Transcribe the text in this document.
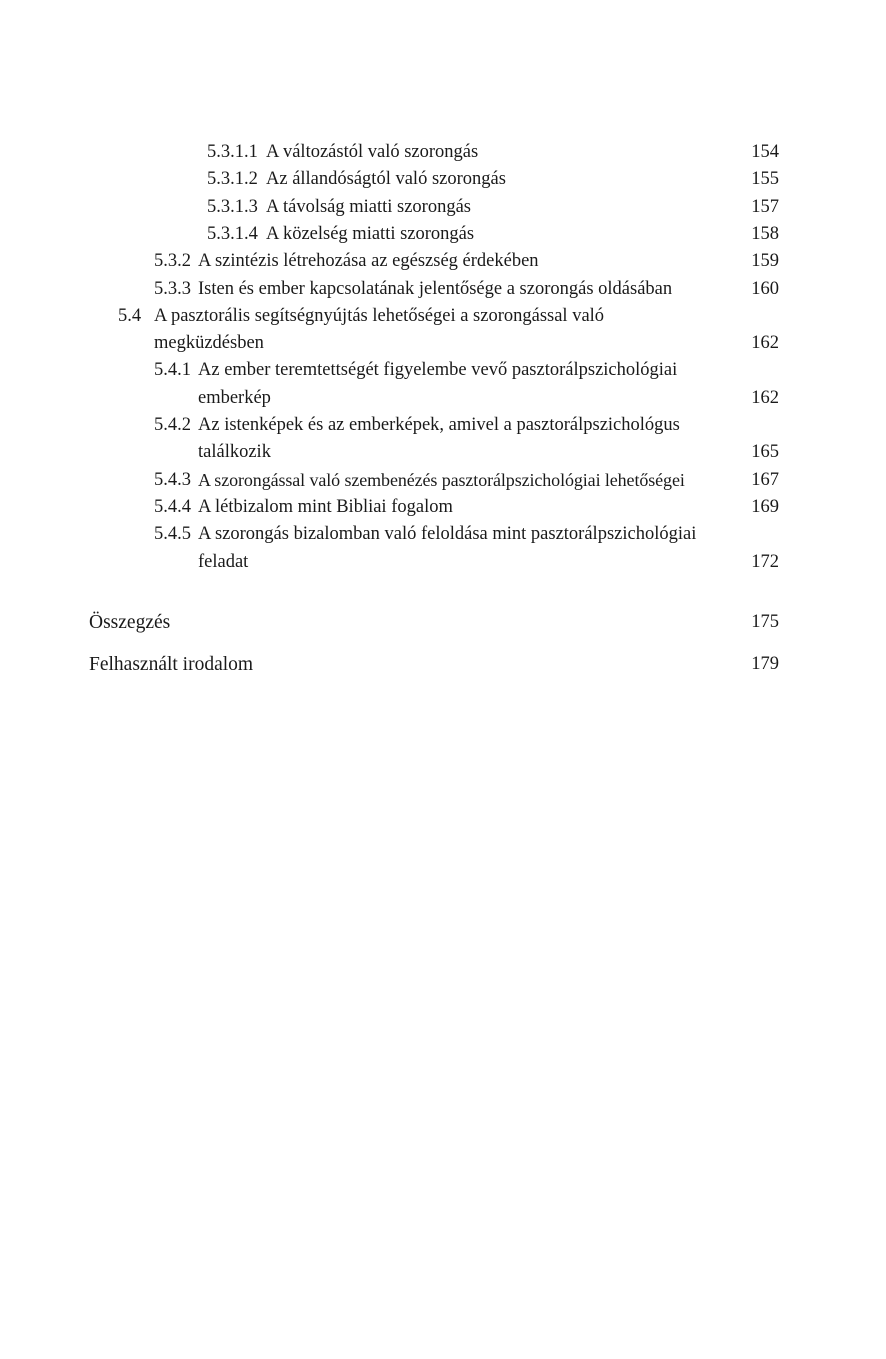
5.3.1.1 A változástól való szorongás	154
5.3.1.2 Az állandóságtól való szorongás	155
5.3.1.3 A távolság miatti szorongás	157
5.3.1.4 A közelség miatti szorongás	158
5.3.2 A szintézis létrehozása az egészség érdekében	159
5.3.3 Isten és ember kapcsolatának jelentősége a szorongás oldásában	160
5.4 A pasztorális segítségnyújtás lehetőségei a szorongással való
megküzdésben	162
5.4.1 Az ember teremtettségét figyelembe vevő pasztorálpszichológiai
emberkép	162
5.4.2 Az istenképek és az emberképek, amivel a pasztorálpszichológus
találkozik	165
5.4.3 A szorongással való szembenézés pasztorálpszichológiai lehetőségei	167
5.4.4 A létbizalom mint Bibliai fogalom	169
5.4.5 A szorongás bizalomban való feloldása mint pasztorálpszichológiai
feladat	172
Összegzés	175
Felhasznált irodalom	179
